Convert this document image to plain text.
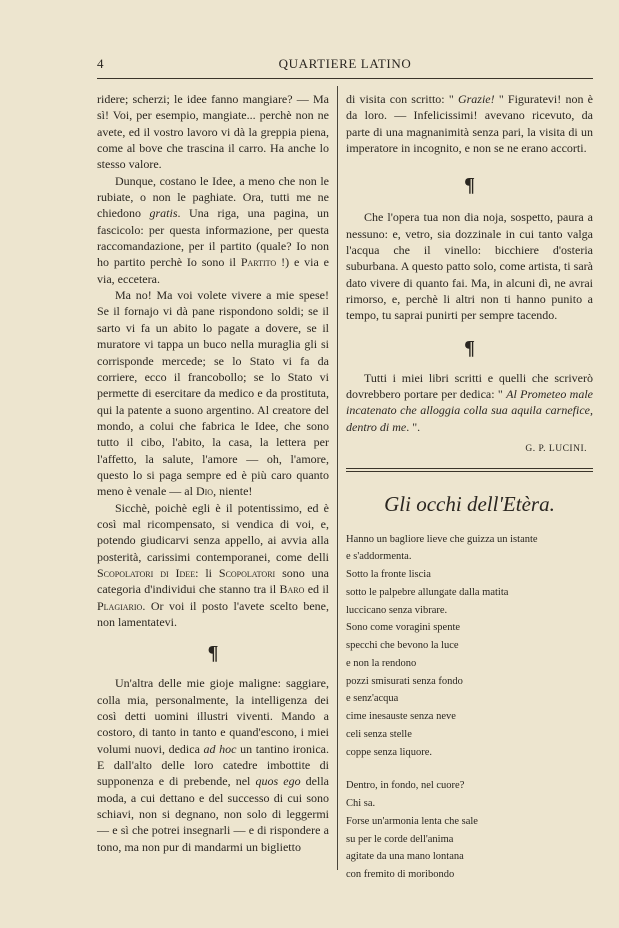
4	QUARTIERE LATINO

ridere; scherzi; le idee fanno mangiare? — Ma sì! Voi, per esempio, mangiate... perchè non ne avete, ed il vostro lavoro vi dà la greppia piena, come al bove che trascina il carro. Ha anche lo stesso valore.

Dunque, costano le Idee, a meno che non le rubiate, o non le paghiate. Ora, tutti me ne chiedono gratis. Una riga, una pagina, un fascicolo: per questa informazione, per questa raccomandazione, per il partito (quale? Io non ho partito perchè Io sono il Partito !) e via e via, eccetera.

Ma no! Ma voi volete vivere a mie spese! Se il fornajo vi dà pane rispondono soldi; se il sarto vi fa un abito lo pagate a dovere, se il muratore vi tappa un buco nella muraglia gli si corrisponde mercede; se lo Stato vi fa da corriere, ecco il francobollo; se lo Stato vi permette di esercitare da medico e da prostituta, qui la patente a suono argentino. Al creatore del mondo, a colui che fabrica le Idee, che sono tutto il cibo, l'abito, la casa, la lettera per l'affetto, la salute, l'amore — oh, l'amore, questo lo si paga sempre ed è più caro quanto meno è venale — al Dio, niente!

Sicchè, poichè egli è il potentissimo, ed è così mal ricompensato, si vendica di voi, e, potendo giudicarvi senza appello, ai avvia alla posterità, carissimi contemporanei, come delli Scopolatori di Idee: li Scopolatori sono una categoria d'individui che stanno tra il Baro ed il Plagiario. Or voi il posto l'avete scelto bene, non lamentatevi.

¶

Un'altra delle mie gioje maligne: saggiare, colla mia, personalmente, la intelligenza dei così detti uomini illustri viventi. Mando a costoro, di tanto in tanto e quand'escono, i miei volumi nuovi, dedica ad hoc un tantino ironica. E dall'alto delle loro catedre imbottite di supponenza e di prebende, nel quos ego della moda, a cui dettano e del successo di cui sono schiavi, non si degnano, non solo di leggermi — e sì che potrei insegnarli — e di rispondere a tono, ma non pur di mandarmi un biglietto

di visita con scritto: " Grazie! " Figuratevi! non è da loro. — Infelicissimi! avevano ricevuto, da parte di una magnanimità senza pari, la visita di un imperatore in incognito, e non se ne erano accorti.

¶

Che l'opera tua non dia noja, sospetto, paura a nessuno: e, vetro, sia dozzinale in cui tanto valga l'acqua che il vinello: bicchiere d'osteria suburbana. A questo patto solo, come artista, ti sarà dato vivere di quanto fai. Ma, in alcuni dì, ne avrai rimorso, e, perchè li altri non ti hanno punito a tempo, tu saprai punirti per sempre tacendo.

¶

Tutti i miei libri scritti e quelli che scriverò dovrebbero portare per dedica: " Al Prometeo male incatenato che alloggia colla sua aquila carnefice, dentro di me. ".

G. P. LUCINI.

Gli occhi dell'Etèra.

Hanno un bagliore lieve che guizza un istante
e s'addormenta.
Sotto la fronte liscia
sotto le palpebre allungate dalla matita
luccicano senza vibrare.
Sono come voragini spente
specchi che bevono la luce
e non la rendono
pozzi smisurati senza fondo
e senz'acqua
cime inesauste senza neve
celi senza stelle
coppe senza liquore.
Dentro, in fondo, nel cuore?
Chi sa.
Forse un'armonia lenta che sale
su per le corde dell'anima
agitate da una mano lontana
con fremito di moribondo
